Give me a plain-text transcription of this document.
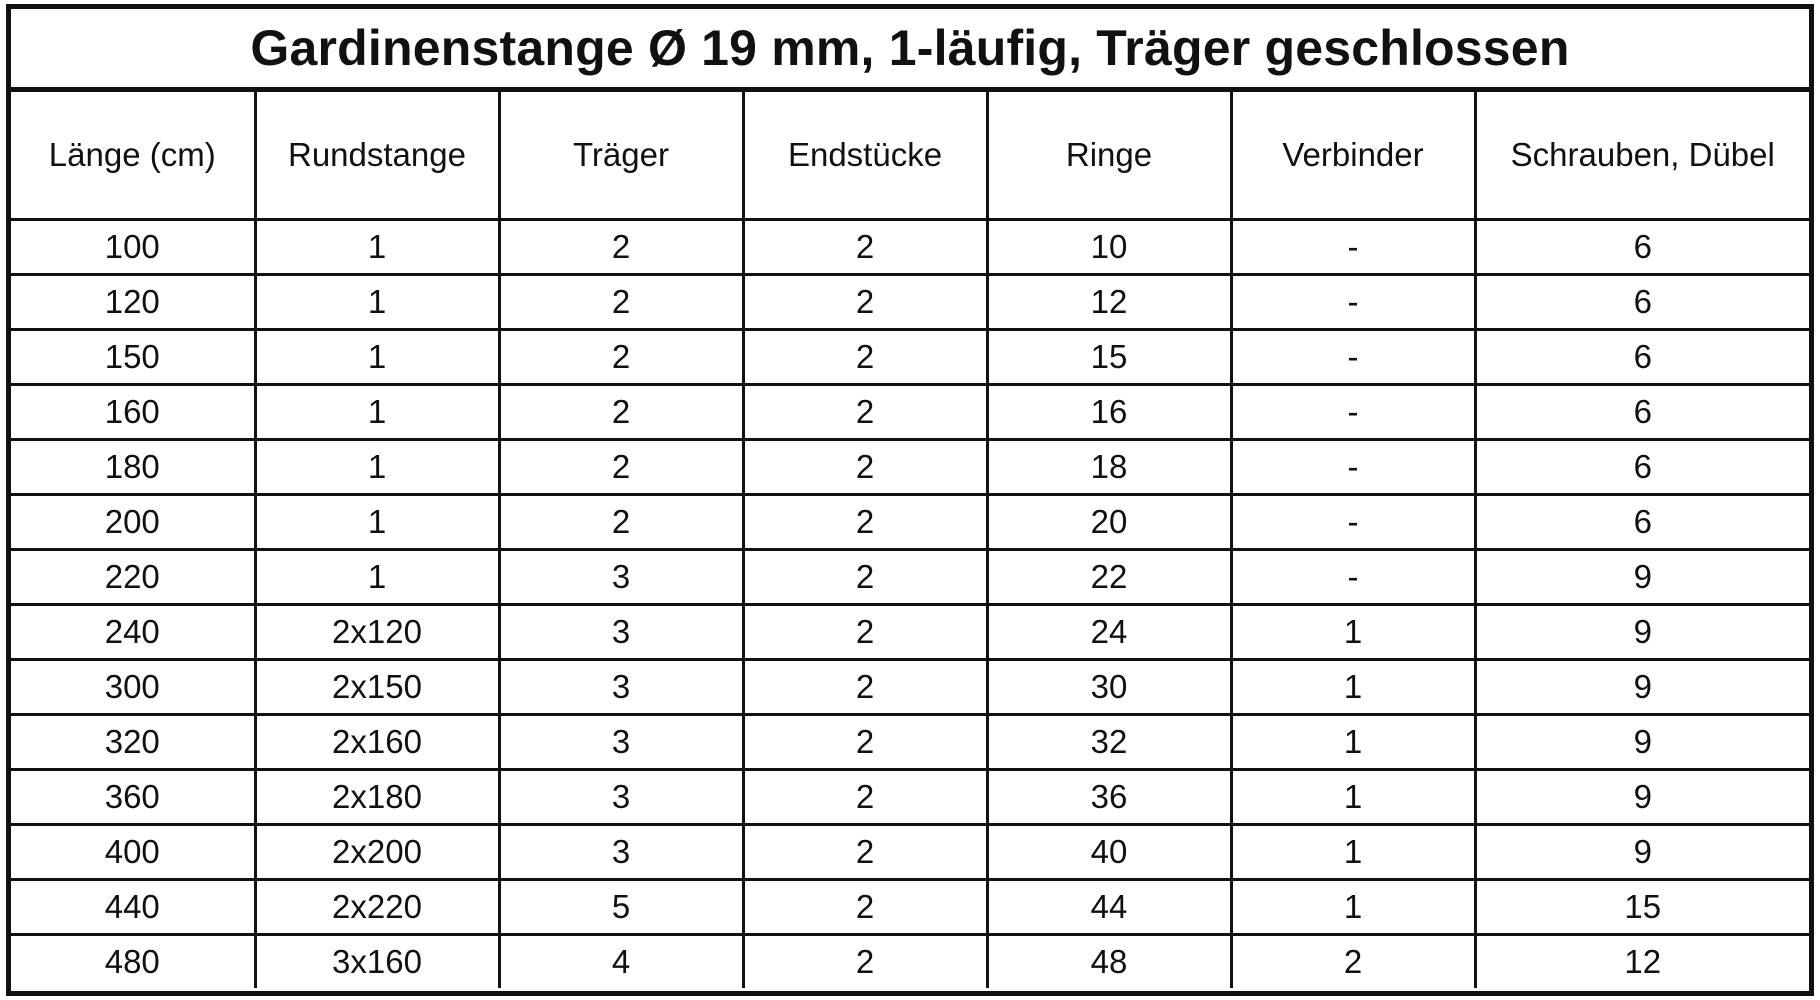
Gardinenstange Ø 19 mm, 1-läufig, Träger geschlossen
Länge (cm)	Rundstange	Träger	Endstücke	Ringe	Verbinder	Schrauben, Dübel
100	1	2	2	10	-	6
120	1	2	2	12	-	6
150	1	2	2	15	-	6
160	1	2	2	16	-	6
180	1	2	2	18	-	6
200	1	2	2	20	-	6
220	1	3	2	22	-	9
240	2x120	3	2	24	1	9
300	2x150	3	2	30	1	9
320	2x160	3	2	32	1	9
360	2x180	3	2	36	1	9
400	2x200	3	2	40	1	9
440	2x220	5	2	44	1	15
480	3x160	4	2	48	2	12
